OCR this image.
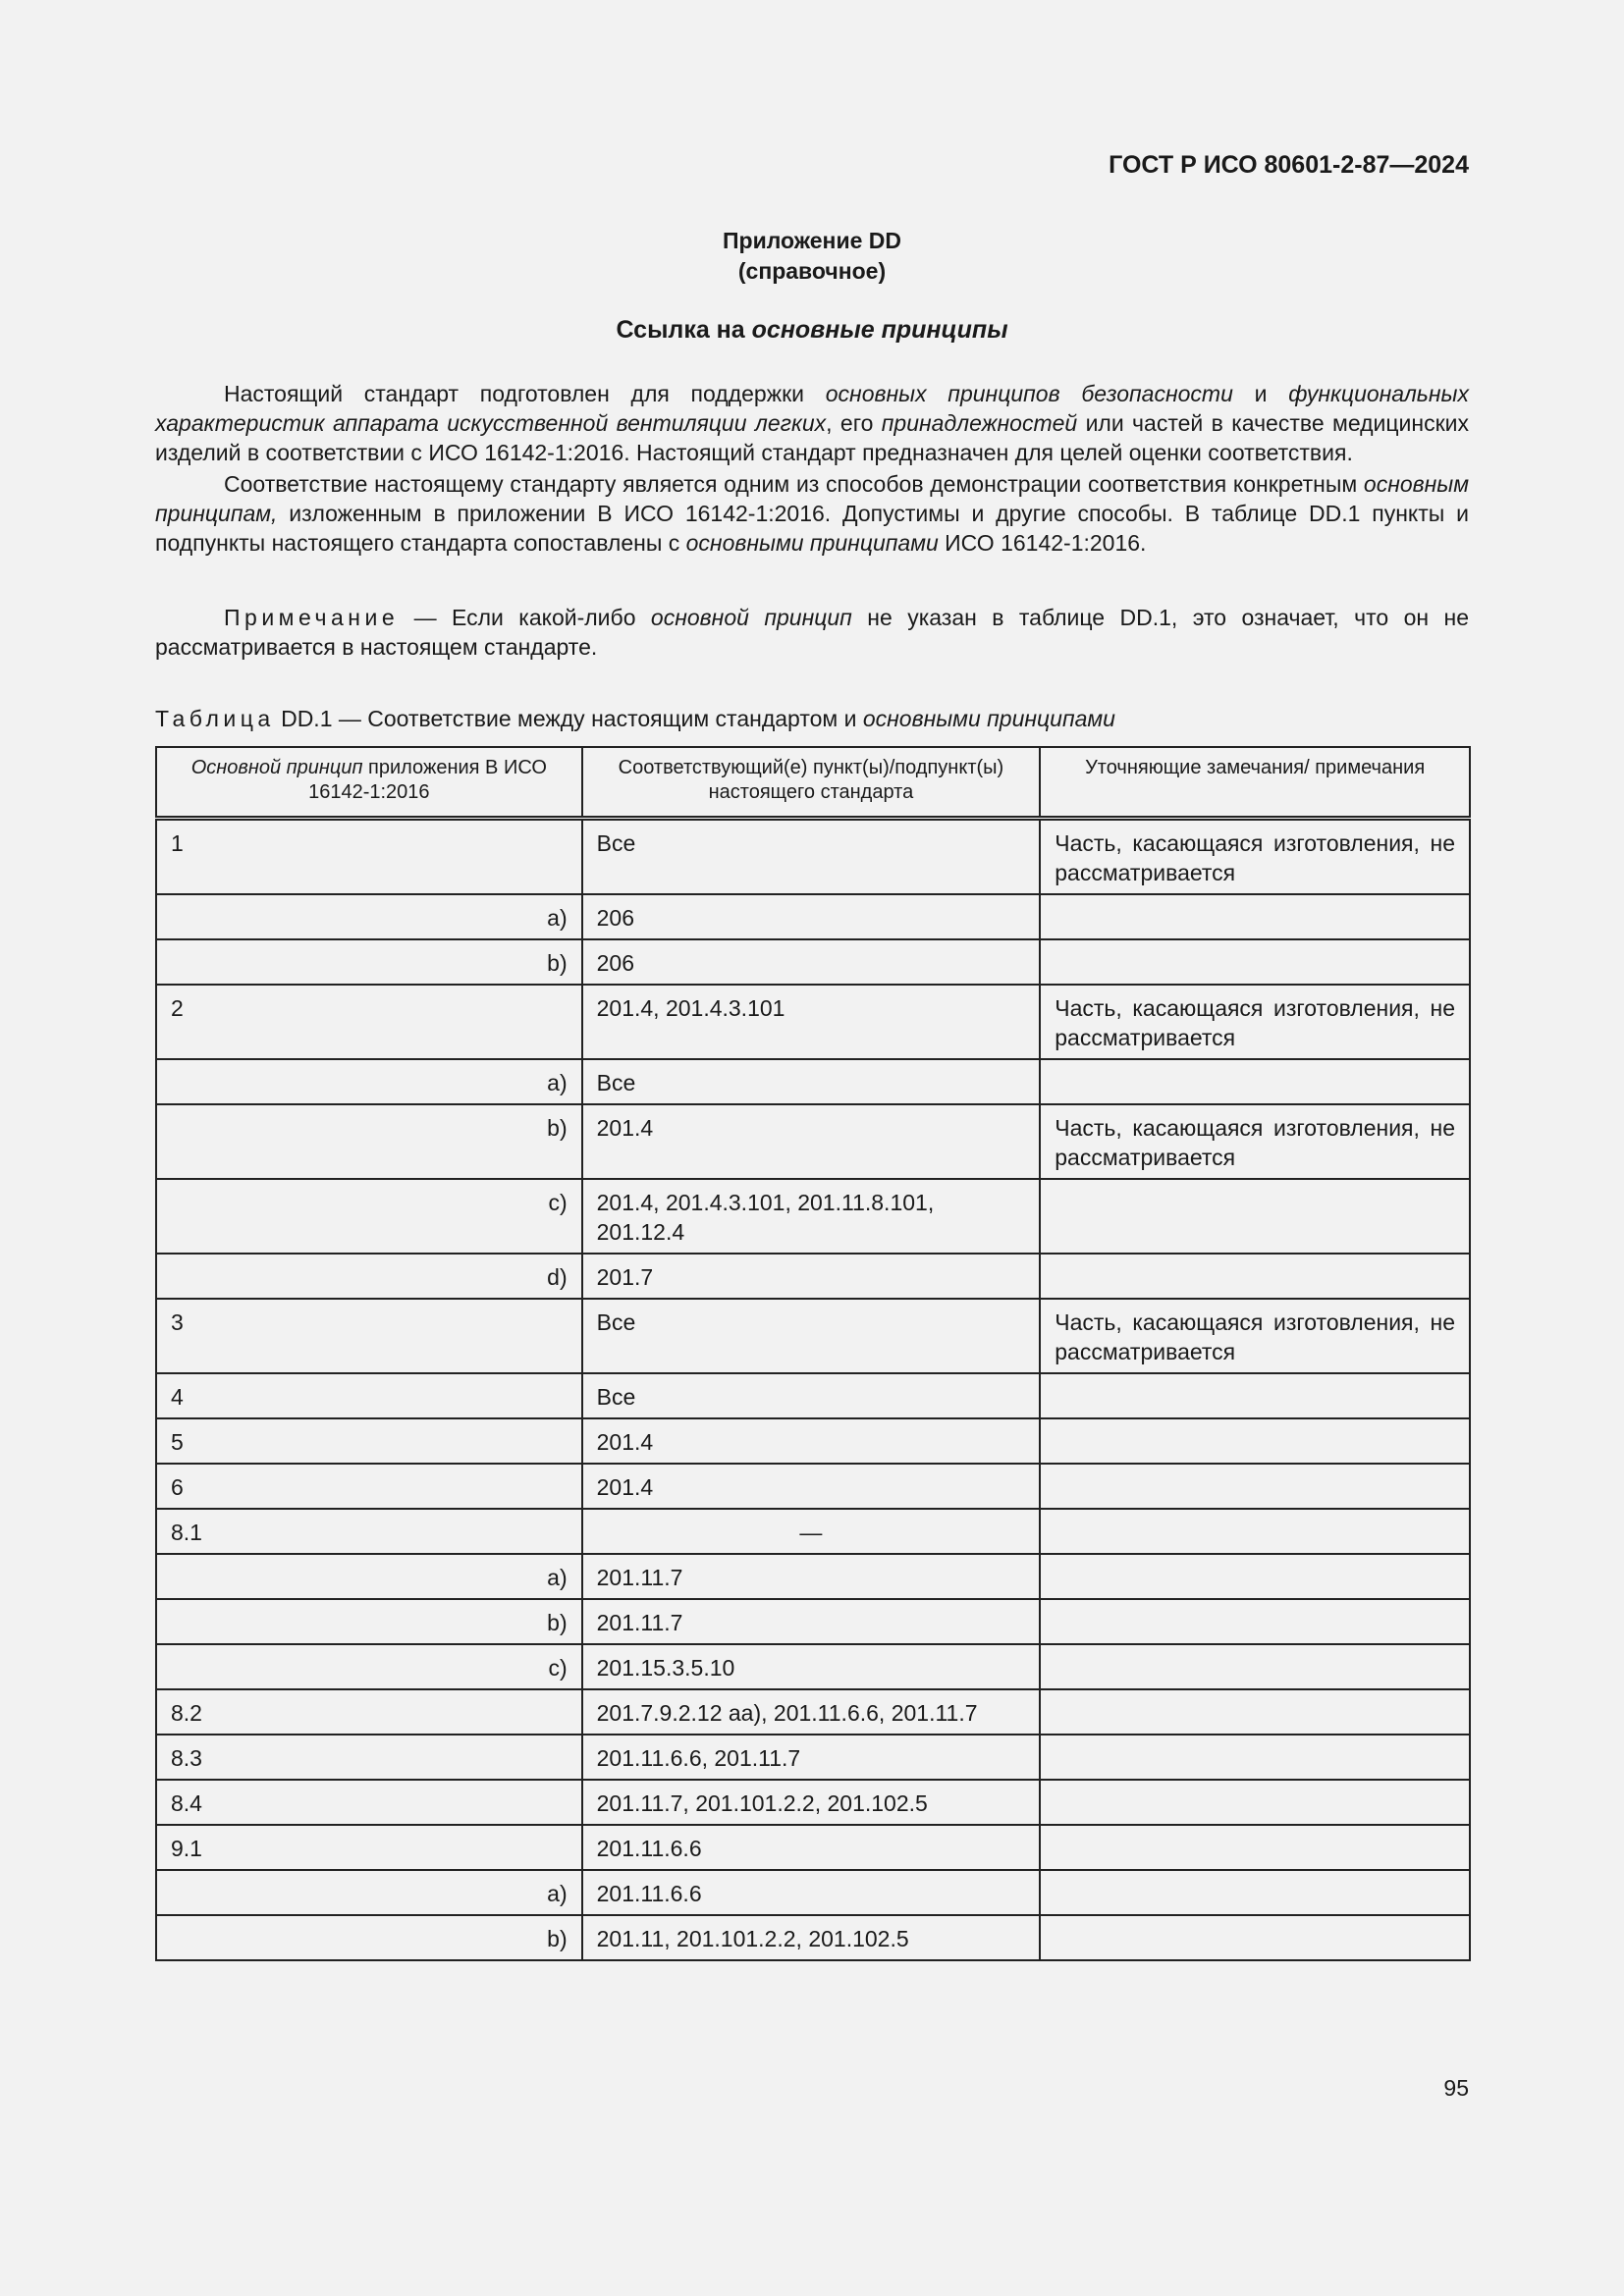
ГОСТ Р ИСО 80601-2-87—2024
Приложение DD
(справочное)
Ссылка на основные принципы

Настоящий стандарт подготовлен для поддержки основных принципов безопасности и функциональных характеристик аппарата искусственной вентиляции легких, его принадлежностей или частей в качестве медицинских изделий в соответствии с ИСО 16142-1:2016. Настоящий стандарт предназначен для целей оценки соответствия.

Соответствие настоящему стандарту является одним из способов демонстрации соответствия конкретным основным принципам, изложенным в приложении В ИСО 16142-1:2016. Допустимы и другие способы. В таблице DD.1 пункты и подпункты настоящего стандарта сопоставлены с основными принципами ИСО 16142-1:2016.

Примечание — Если какой-либо основной принцип не указан в таблице DD.1, это означает, что он не рассматривается в настоящем стандарте.
Таблица DD.1 — Соответствие между настоящим стандартом и основными принципами
Основной принцип приложения В ИСО 16142-1:2016	Соответствующий(е) пункт(ы)/подпункт(ы) настоящего стандарта	Уточняющие замечания/ примечания
1	Все	Часть, касающаяся изготовления, не рассматривается
a)	206	
b)	206	
2	201.4, 201.4.3.101	Часть, касающаяся изготовления, не рассматривается
a)	Все	
b)	201.4	Часть, касающаяся изготовления, не рассматривается
c)	201.4, 201.4.3.101, 201.11.8.101, 201.12.4	
d)	201.7	
3	Все	Часть, касающаяся изготовления, не рассматривается
4	Все	
5	201.4	
6	201.4	
8.1	—	
a)	201.11.7	
b)	201.11.7	
c)	201.15.3.5.10	
8.2	201.7.9.2.12 aa), 201.11.6.6, 201.11.7	
8.3	201.11.6.6, 201.11.7	
8.4	201.11.7, 201.101.2.2, 201.102.5	
9.1	201.11.6.6	
a)	201.11.6.6	
b)	201.11, 201.101.2.2, 201.102.5	
95
